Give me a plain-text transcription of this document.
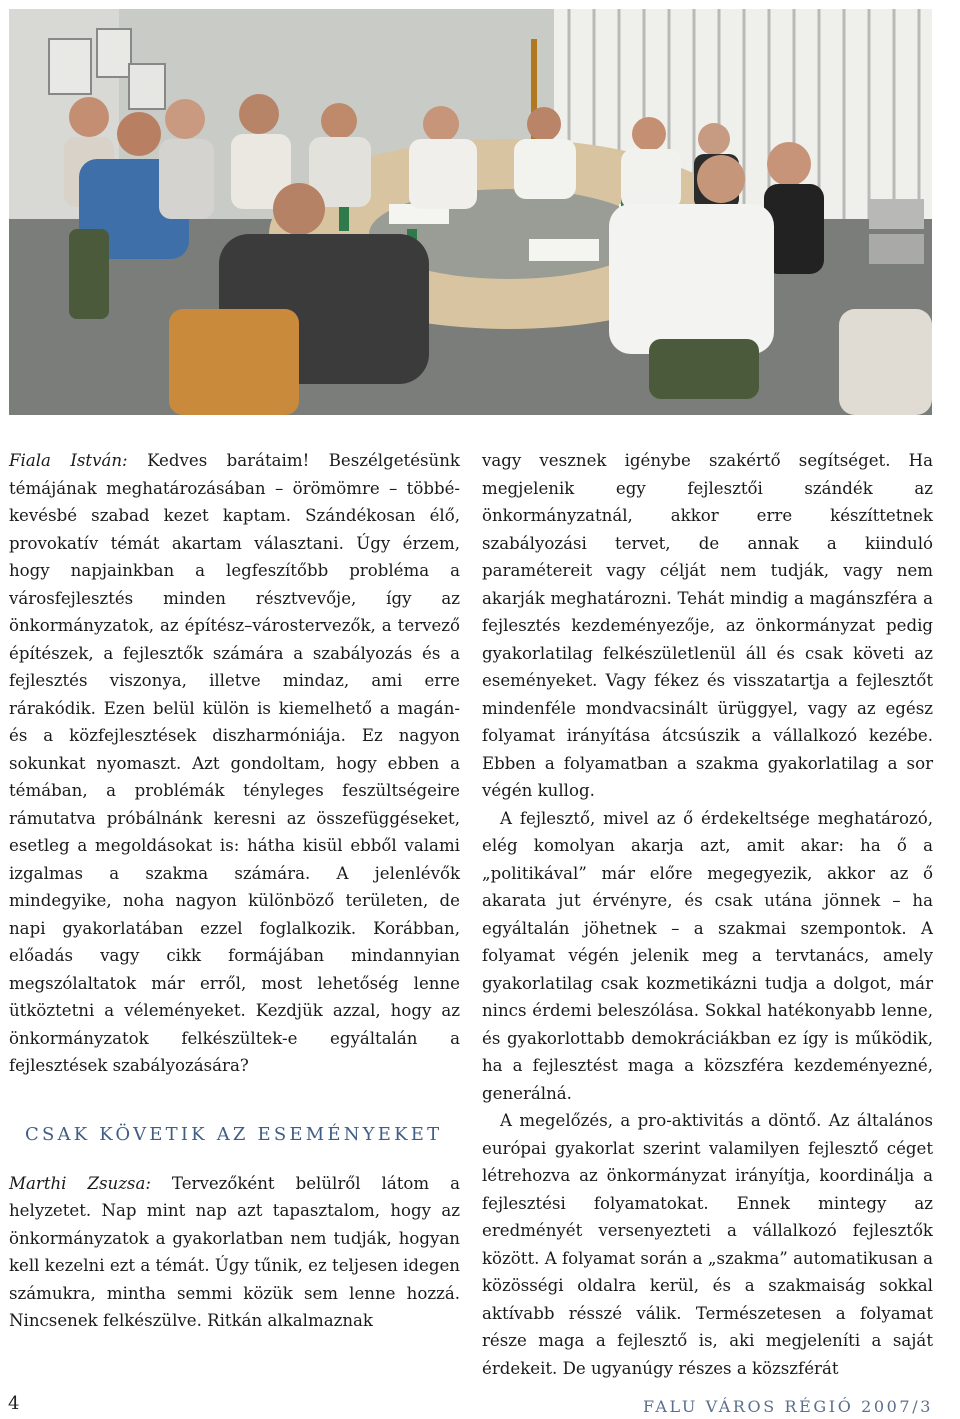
Fiala István: Kedves barátaim! Beszélgetésünk témájának meghatározásában – örömömre – többé-kevésbé szabad kezet kaptam. Szándékosan élő, provokatív témát akartam választani. Úgy érzem, hogy napjainkban a legfeszítőbb probléma a városfejlesztés minden résztvevője, így az önkormányzatok, az építész–várostervezők, a tervező építészek, a fejlesztők számára a szabályozás és a fejlesztés viszonya, illetve mindaz, ami erre rárakódik. Ezen belül külön is kiemelhető a magán- és a közfejlesztések diszharmóniája. Ez nagyon sokunkat nyomaszt. Azt gondoltam, hogy ebben a témában, a problémák tényleges feszültségeire rámutatva próbálnánk keresni az összefüggéseket, esetleg a megoldásokat is: hátha kisül ebből valami izgalmas a szakma számára. A jelenlévők mindegyike, noha nagyon különböző területen, de napi gyakorlatában ezzel foglalkozik. Korábban, előadás vagy cikk formájában mindannyian megszólaltatok már erről, most lehetőség lenne ütköztetni a véleményeket. Kezdjük azzal, hogy az önkormányzatok felkészültek-e egyáltalán a fejlesztések szabályozására?

CSAK KÖVETIK AZ ESEMÉNYEKET

Marthi Zsuzsa: Tervezőként belülről látom a helyzetet. Nap mint nap azt tapasztalom, hogy az önkormányzatok a gyakorlatban nem tudják, hogyan kell kezelni ezt a témát. Úgy tűnik, ez teljesen idegen számukra, mintha semmi közük sem lenne hozzá. Nincsenek felkészülve. Ritkán alkalmaznak

vagy vesznek igénybe szakértő segítséget. Ha megjelenik egy fejlesztői szándék az önkormányzatnál, akkor erre készíttetnek szabályozási tervet, de annak a kiinduló paramétereit vagy célját nem tudják, vagy nem akarják meghatározni. Tehát mindig a magánszféra a fejlesztés kezdeményezője, az önkormányzat pedig gyakorlatilag felkészületlenül áll és csak követi az eseményeket. Vagy fékez és visszatartja a fejlesztőt mindenféle mondvacsinált ürüggyel, vagy az egész folyamat irányítása átcsúszik a vállalkozó kezébe. Ebben a folyamatban a szakma gyakorlatilag a sor végén kullog.

A fejlesztő, mivel az ő érdekeltsége meghatározó, elég komolyan akarja azt, amit akar: ha ő a „politikával” már előre megegyezik, akkor az ő akarata jut érvényre, és csak utána jönnek – ha egyáltalán jöhetnek – a szakmai szempontok. A folyamat végén jelenik meg a tervtanács, amely gyakorlatilag csak kozmetikázni tudja a dolgot, már nincs érdemi beleszólása. Sokkal hatékonyabb lenne, és gyakorlottabb demokráciákban ez így is működik, ha a fejlesztést maga a közszféra kezdeményezné, generálná.

A megelőzés, a pro-aktivitás a döntő. Az általános európai gyakorlat szerint valamilyen fejlesztő céget létrehozva az önkormányzat irányítja, koordinálja a fejlesztési folyamatokat. Ennek mintegy az eredményét versenyezteti a vállalkozó fejlesztők között. A folyamat során a „szakma” automatikusan a közösségi oldalra kerül, és a szakmaiság sokkal aktívabb résszé válik. Természetesen a folyamat része maga a fejlesztő is, aki megjeleníti a saját érdekeit. De ugyanúgy részes a közszférát

4	FALU VÁROS RÉGIÓ 2007/3
